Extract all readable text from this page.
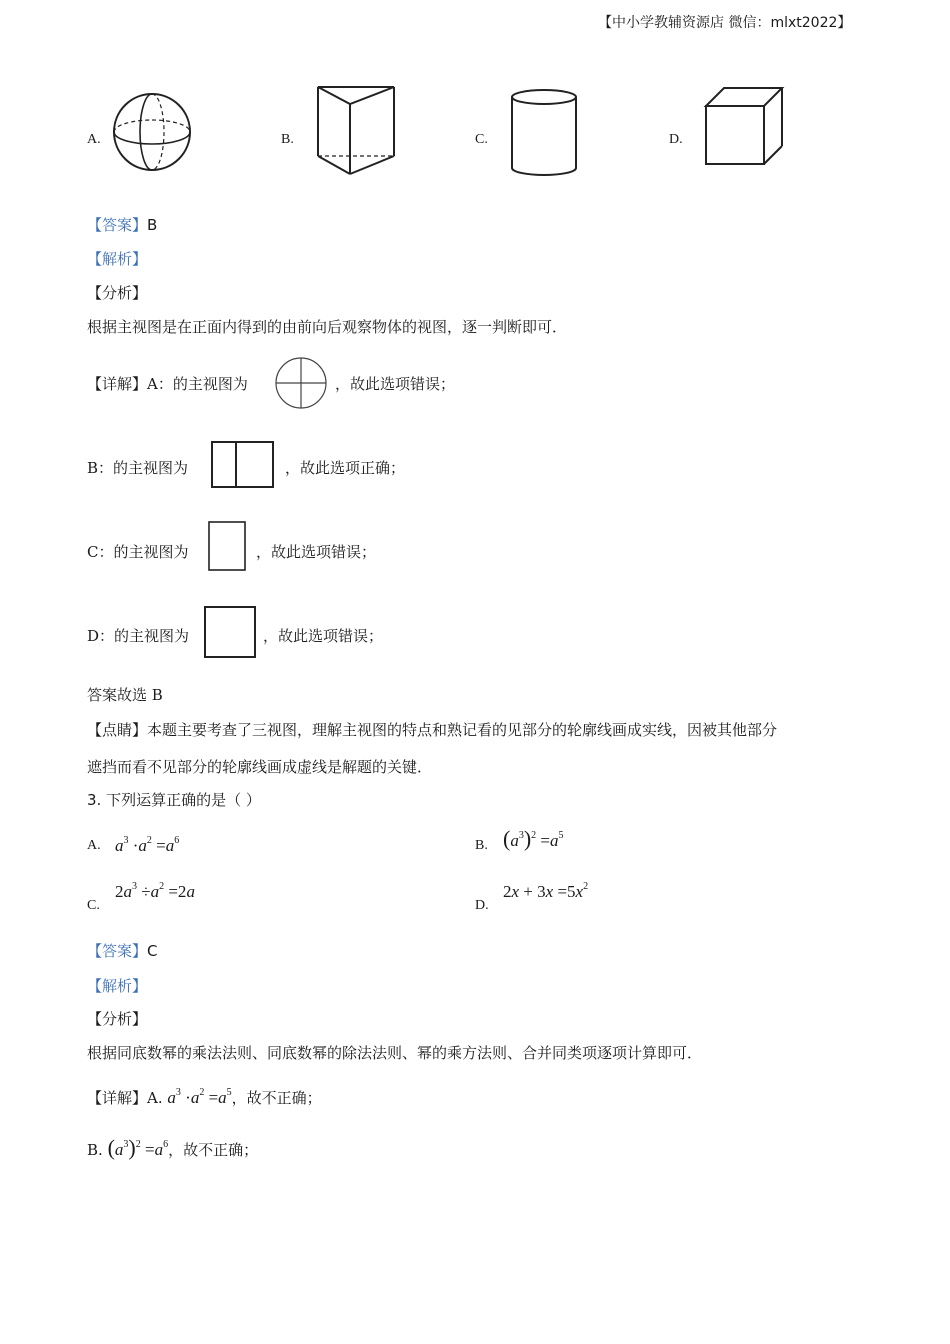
【中小学教辅资源店 微信：mlxt2022】
A.	B.	C.	D.
【答案】B
【解析】
【分析】
根据主视图是在正面内得到的由前向后观察物体的视图，逐一判断即可．
【详解】A：的主视图为	，故此选项错误；
B：的主视图为	，故此选项正确；
C：的主视图为	，故此选项错误；
D：的主视图为	，故此选项错误；
答案故选 B
【点睛】本题主要考查了三视图，理解主视图的特点和熟记看的见部分的轮廓线画成实线，因被其他部分
遮挡而看不见部分的轮廓线画成虚线是解题的关键．
3. 下列运算正确的是（ ）
A. $a^3 \cdot a^2 =a^6$	B. $(a^3)^2 =a^5$
C.
$2a^3 \div a^2 =2a$
D.
$2x + 3x =5x^2$
【答案】C
【解析】
【分析】
根据同底数幂的乘法法则、同底数幂的除法法则、幂的乘方法则、合并同类项逐项计算即可．
【详解】A. $a^3 \cdot a^2 =a^5$，故不正确；
B. $(a^3)^2 =a^6$，故不正确；
